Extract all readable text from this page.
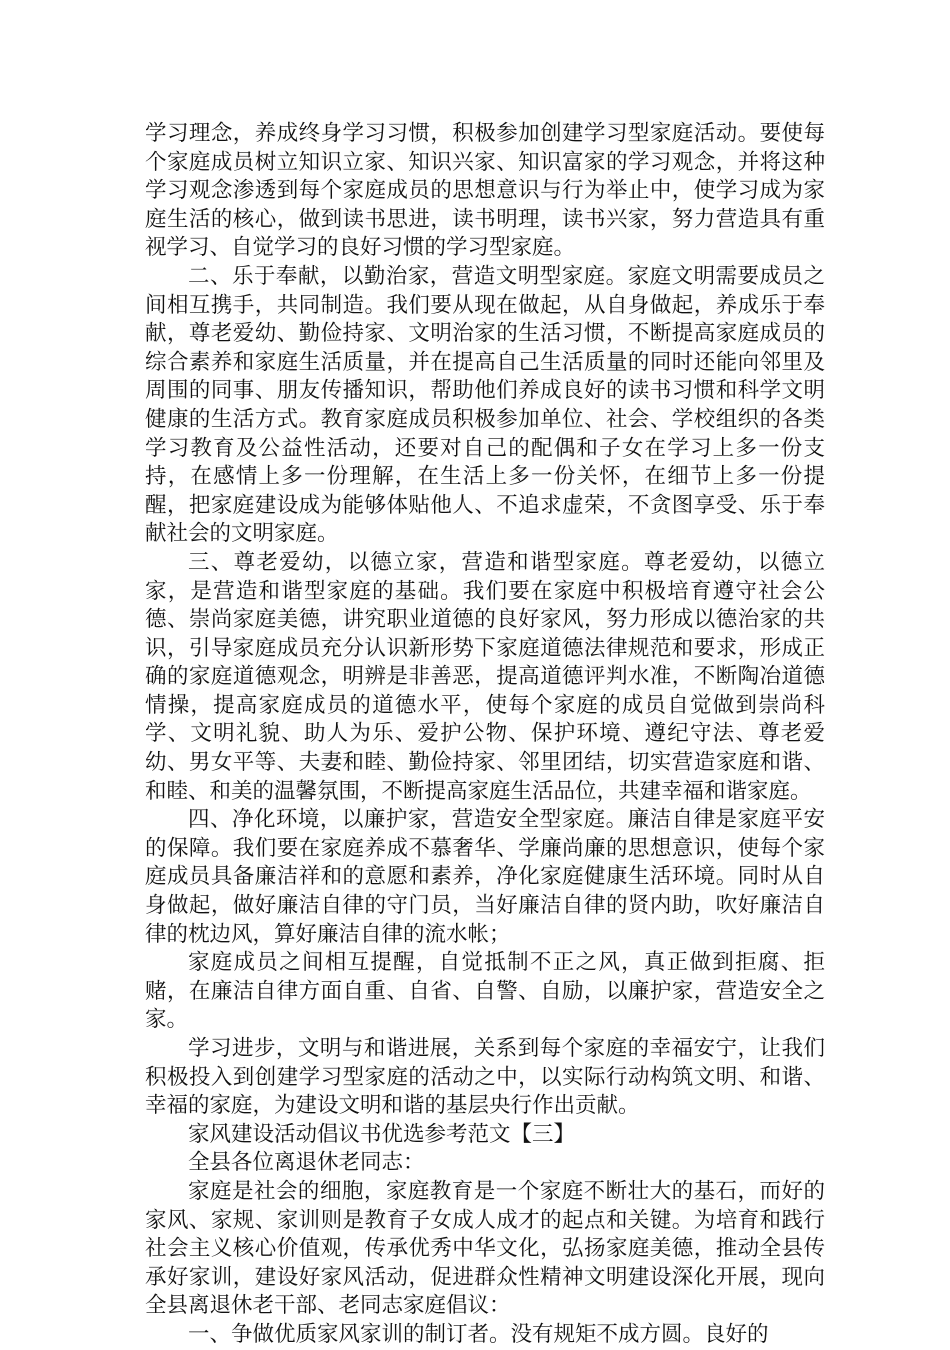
学习理念，养成终身学习习惯，积极参加创建学习型家庭活动。要使每个家庭成员树立知识立家、知识兴家、知识富家的学习观念，并将这种学习观念渗透到每个家庭成员的思想意识与行为举止中，使学习成为家庭生活的核心，做到读书思进，读书明理，读书兴家，努力营造具有重视学习、自觉学习的良好习惯的学习型家庭。

二、乐于奉献，以勤治家，营造文明型家庭。家庭文明需要成员之间相互携手，共同制造。我们要从现在做起，从自身做起，养成乐于奉献，尊老爱幼、勤俭持家、文明治家的生活习惯，不断提高家庭成员的综合素养和家庭生活质量，并在提高自己生活质量的同时还能向邻里及周围的同事、朋友传播知识，帮助他们养成良好的读书习惯和科学文明健康的生活方式。教育家庭成员积极参加单位、社会、学校组织的各类学习教育及公益性活动，还要对自己的配偶和子女在学习上多一份支持，在感情上多一份理解，在生活上多一份关怀，在细节上多一份提醒，把家庭建设成为能够体贴他人、不追求虚荣，不贪图享受、乐于奉献社会的文明家庭。

三、尊老爱幼，以德立家，营造和谐型家庭。尊老爱幼，以德立家，是营造和谐型家庭的基础。我们要在家庭中积极培育遵守社会公德、崇尚家庭美德，讲究职业道德的良好家风，努力形成以德治家的共识，引导家庭成员充分认识新形势下家庭道德法律规范和要求，形成正确的家庭道德观念，明辨是非善恶，提高道德评判水准，不断陶冶道德情操，提高家庭成员的道德水平，使每个家庭的成员自觉做到崇尚科学、文明礼貌、助人为乐、爱护公物、保护环境、遵纪守法、尊老爱幼、男女平等、夫妻和睦、勤俭持家、邻里团结，切实营造家庭和谐、和睦、和美的温馨氛围，不断提高家庭生活品位，共建幸福和谐家庭。

四、净化环境，以廉护家，营造安全型家庭。廉洁自律是家庭平安的保障。我们要在家庭养成不慕奢华、学廉尚廉的思想意识，使每个家庭成员具备廉洁祥和的意愿和素养，净化家庭健康生活环境。同时从自身做起，做好廉洁自律的守门员，当好廉洁自律的贤内助，吹好廉洁自律的枕边风，算好廉洁自律的流水帐；

家庭成员之间相互提醒，自觉抵制不正之风，真正做到拒腐、拒赌，在廉洁自律方面自重、自省、自警、自励，以廉护家，营造安全之家。

学习进步，文明与和谐进展，关系到每个家庭的幸福安宁，让我们积极投入到创建学习型家庭的活动之中，以实际行动构筑文明、和谐、幸福的家庭，为建设文明和谐的基层央行作出贡献。

家风建设活动倡议书优选参考范文【三】

全县各位离退休老同志：

家庭是社会的细胞，家庭教育是一个家庭不断壮大的基石，而好的家风、家规、家训则是教育子女成人成才的起点和关键。为培育和践行社会主义核心价值观，传承优秀中华文化，弘扬家庭美德，推动全县传承好家训，建设好家风活动，促进群众性精神文明建设深化开展，现向全县离退休老干部、老同志家庭倡议：

一、争做优质家风家训的制订者。没有规矩不成方圆。良好的
